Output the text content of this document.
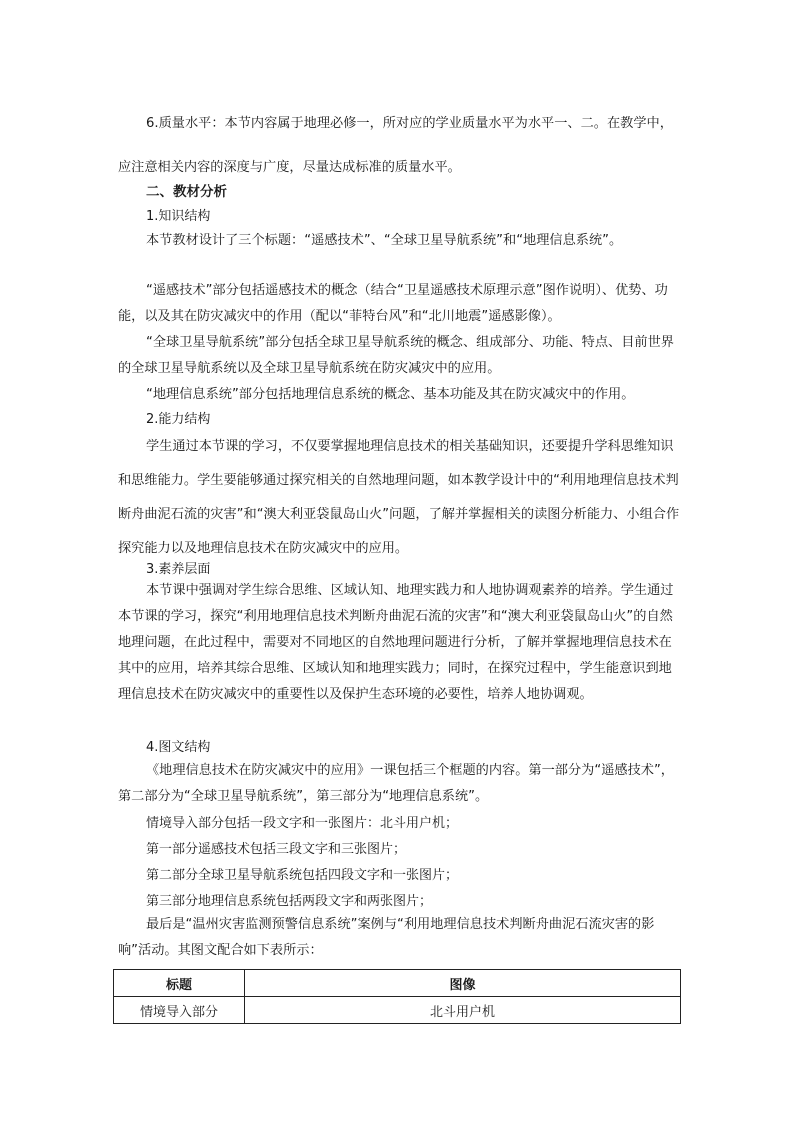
6.质量水平：本节内容属于地理必修一，所对应的学业质量水平为水平一、二。在教学中，应注意相关内容的深度与广度，尽量达成标准的质量水平。

二、教材分析

1.知识结构

本节教材设计了三个标题：“遥感技术”、“全球卫星导航系统”和“地理信息系统”。

“遥感技术”部分包括遥感技术的概念（结合“卫星遥感技术原理示意”图作说明）、优势、功能，以及其在防灾减灾中的作用（配以“菲特台风”和“北川地震”遥感影像）。

“全球卫星导航系统”部分包括全球卫星导航系统的概念、组成部分、功能、特点、目前世界的全球卫星导航系统以及全球卫星导航系统在防灾减灾中的应用。

“地理信息系统”部分包括地理信息系统的概念、基本功能及其在防灾减灾中的作用。

2.能力结构

学生通过本节课的学习，不仅要掌握地理信息技术的相关基础知识，还要提升学科思维知识和思维能力。学生要能够通过探究相关的自然地理问题，如本教学设计中的“利用地理信息技术判断舟曲泥石流的灾害”和“澳大利亚袋鼠岛山火”问题，了解并掌握相关的读图分析能力、小组合作探究能力以及地理信息技术在防灾减灾中的应用。

3.素养层面

本节课中强调对学生综合思维、区域认知、地理实践力和人地协调观素养的培养。学生通过本节课的学习，探究“利用地理信息技术判断舟曲泥石流的灾害”和“澳大利亚袋鼠岛山火”的自然地理问题，在此过程中，需要对不同地区的自然地理问题进行分析，了解并掌握地理信息技术在其中的应用，培养其综合思维、区域认知和地理实践力；同时，在探究过程中，学生能意识到地理信息技术在防灾减灾中的重要性以及保护生态环境的必要性，培养人地协调观。

4.图文结构

《地理信息技术在防灾减灾中的应用》一课包括三个框题的内容。第一部分为“遥感技术”，第二部分为“全球卫星导航系统”，第三部分为“地理信息系统”。

情境导入部分包括一段文字和一张图片：北斗用户机；

第一部分遥感技术包括三段文字和三张图片；

第二部分全球卫星导航系统包括四段文字和一张图片；

第三部分地理信息系统包括两段文字和两张图片；

最后是“温州灾害监测预警信息系统”案例与“利用地理信息技术判断舟曲泥石流灾害的影响”活动。其图文配合如下表所示：

标题	图像
情境导入部分	北斗用户机
